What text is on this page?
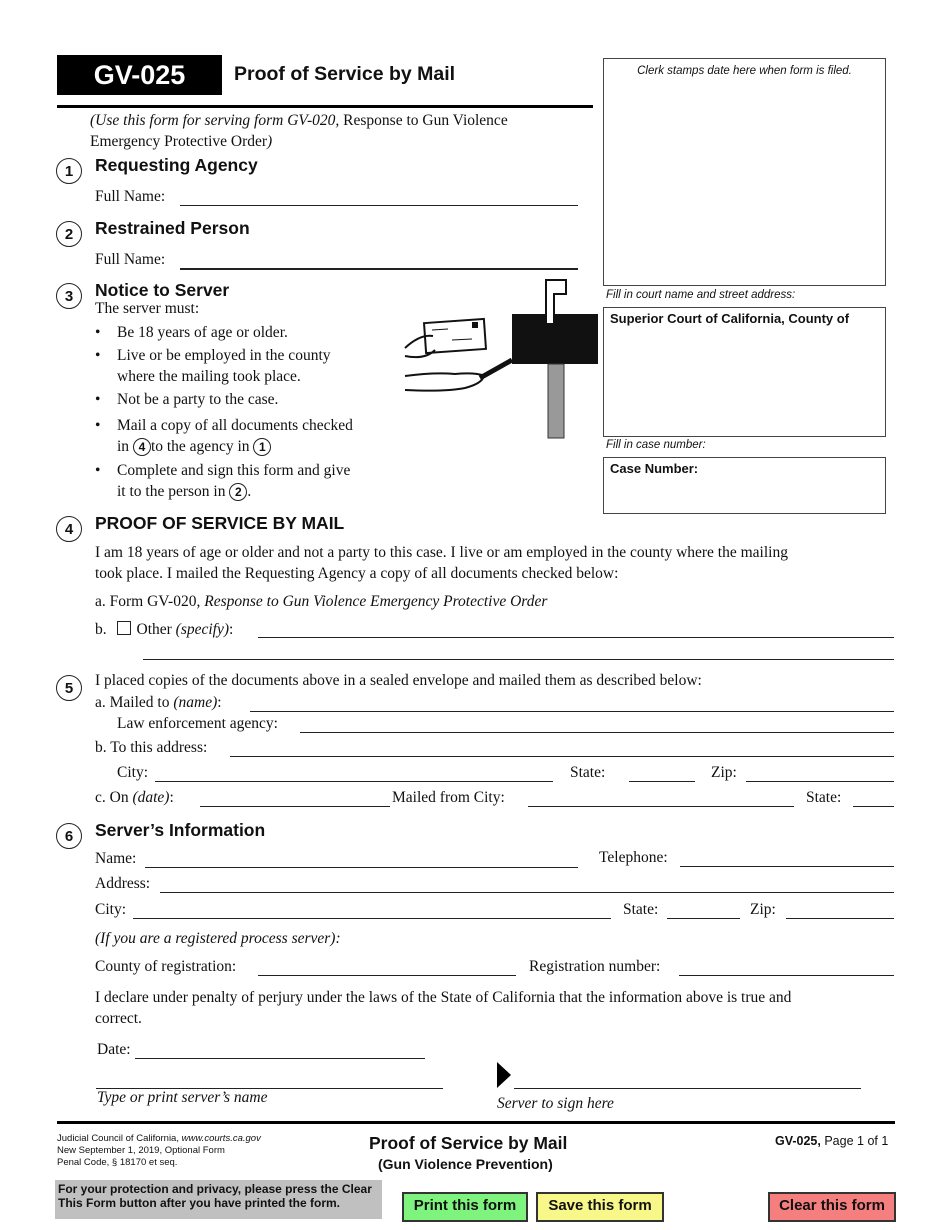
GV-025	Proof of Service by Mail
(Use this form for serving form GV-020, Response to Gun Violence
Emergency Protective Order)
Clerk stamps date here when form is filed.
Fill in court name and street address:
Superior Court of California, County of
Fill in case number:
Case Number:
1	Requesting Agency
Full Name:
2	Restrained Person
Full Name:
3	Notice to Server
The server must:
• Be 18 years of age or older.
• Live or be employed in the county
where the mailing took place.
• Not be a party to the case.
• Mail a copy of all documents checked
in 4 to the agency in 1
• Complete and sign this form and give
it to the person in 2 .
4	PROOF OF SERVICE BY MAIL
I am 18 years of age or older and not a party to this case. I live or am employed in the county where the mailing
took place. I mailed the Requesting Agency a copy of all documents checked below:
a. Form GV-020, Response to Gun Violence Emergency Protective Order
b. Other (specify):
5	I placed copies of the documents above in a sealed envelope and mailed them as described below:
a. Mailed to (name):
Law enforcement agency:
b. To this address:
City:	State:	Zip:
c. On (date):	Mailed from City:	State:
6	Server’s Information
Name:	Telephone:
Address:
City:	State:	Zip:
(If you are a registered process server):
County of registration:	Registration number:
I declare under penalty of perjury under the laws of the State of California that the information above is true and
correct.
Date:
Type or print server’s name	Server to sign here
Judicial Council of California, www.courts.ca.gov
New September 1, 2019, Optional Form
Penal Code, § 18170 et seq.
Proof of Service by Mail
(Gun Violence Prevention)
GV-025, Page 1 of 1
For your protection and privacy, please press the Clear
This Form button after you have printed the form.	Print this form	Save this form	Clear this form
